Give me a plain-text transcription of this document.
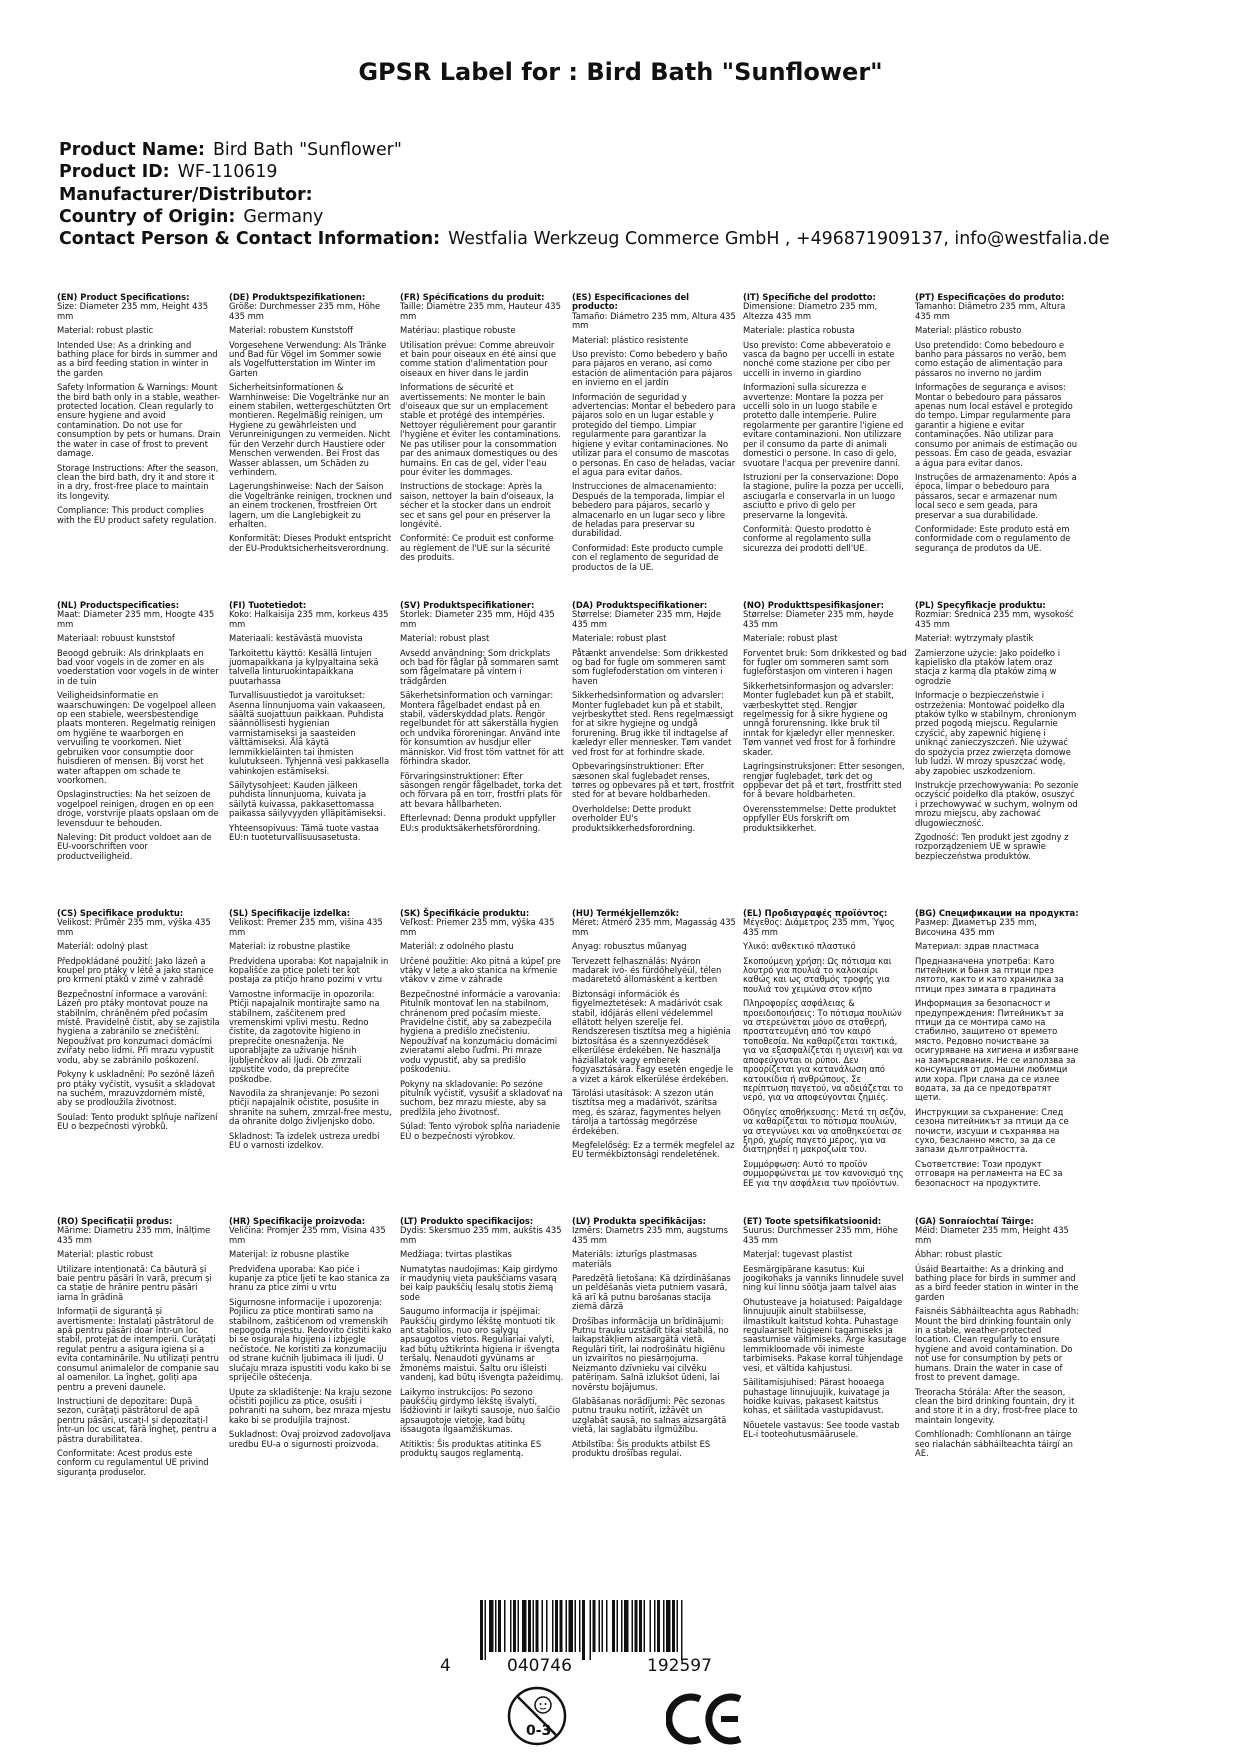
GPSR Label for : Bird Bath "Sunflower"
Product Name: Bird Bath "Sunflower"
Product ID: WF-110619
Manufacturer/Distributor:
Country of Origin: Germany
Contact Person & Contact Information: Westfalia Werkzeug Commerce GmbH , +496871909137, info@westfalia.de
(EN) Product Specifications:

Size: Diameter 235 mm, Height 435 mm

Material: robust plastic

Intended Use: As a drinking and bathing place for birds in summer and as a bird feeding station in winter in the garden

Safety Information & Warnings: Mount the bird bath only in a stable, weather-protected location. Clean regularly to ensure hygiene and avoid contamination. Do not use for consumption by pets or humans. Drain the water in case of frost to prevent damage.

Storage Instructions: After the season, clean the bird bath, dry it and store it in a dry, frost-free place to maintain its longevity.

Compliance: This product complies with the EU product safety regulation.

(DE) Produktspezifikationen:

Größe: Durchmesser 235 mm, Höhe 435 mm

Material: robustem Kunststoff

Vorgesehene Verwendung: Als Tränke und Bad für Vögel im Sommer sowie als Vogelfutterstation im Winter im Garten

Sicherheitsinformationen & Warnhinweise: Die Vogeltränke nur an einem stabilen, wettergeschützten Ort montieren. Regelmäßig reinigen, um Hygiene zu gewährleisten und Verunreinigungen zu vermeiden. Nicht für den Verzehr durch Haustiere oder Menschen verwenden. Bei Frost das Wasser ablassen, um Schäden zu verhindern.

Lagerungshinweise: Nach der Saison die Vogeltränke reinigen, trocknen und an einem trockenen, frostfreien Ort lagern, um die Langlebigkeit zu erhalten.

Konformität: Dieses Produkt entspricht der EU-Produktsicherheitsverordnung.

(FR) Spécifications du produit:

Taille: Diamètre 235 mm, Hauteur 435 mm

Matériau: plastique robuste

Utilisation prévue: Comme abreuvoir et bain pour oiseaux en été ainsi que comme station d'alimentation pour oiseaux en hiver dans le jardin

Informations de sécurité et avertissements: Ne monter le bain d'oiseaux que sur un emplacement stable et protégé des intempéries. Nettoyer régulièrement pour garantir l'hygiène et éviter les contaminations. Ne pas utiliser pour la consommation par des animaux domestiques ou des humains. En cas de gel, vider l'eau pour éviter les dommages.

Instructions de stockage: Après la saison, nettoyer la bain d'oiseaux, la sécher et la stocker dans un endroit sec et sans gel pour en préserver la longévité.

Conformité: Ce produit est conforme au règlement de l'UE sur la sécurité des produits.

(ES) Especificaciones del producto:

Tamaño: Diámetro 235 mm, Altura 435 mm

Material: plástico resistente

Uso previsto: Como bebedero y baño para pájaros en verano, así como estación de alimentación para pájaros en invierno en el jardín

Información de seguridad y advertencias: Montar el bebedero para pájaros solo en un lugar estable y protegido del tiempo. Limpiar regularmente para garantizar la higiene y evitar contaminaciones. No utilizar para el consumo de mascotas o personas. En caso de heladas, vaciar el agua para evitar daños.

Instrucciones de almacenamiento: Después de la temporada, limpiar el bebedero para pájaros, secarlo y almacenarlo en un lugar seco y libre de heladas para preservar su durabilidad.

Conformidad: Este producto cumple con el reglamento de seguridad de productos de la UE.

(IT) Specifiche del prodotto:

Dimensione: Diametro 235 mm, Altezza 435 mm

Materiale: plastica robusta

Uso previsto: Come abbeveratoio e vasca da bagno per uccelli in estate nonché come stazione per cibo per uccelli in inverno in giardino

Informazioni sulla sicurezza e avvertenze: Montare la pozza per uccelli solo in un luogo stabile e protetto dalle intemperie. Pulire regolarmente per garantire l'igiene ed evitare contaminazioni. Non utilizzare per il consumo da parte di animali domestici o persone. In caso di gelo, svuotare l'acqua per prevenire danni.

Istruzioni per la conservazione: Dopo la stagione, pulire la pozza per uccelli, asciugarla e conservarla in un luogo asciutto e privo di gelo per preservarne la longevità.

Conformità: Questo prodotto è conforme al regolamento sulla sicurezza dei prodotti dell'UE.

(PT) Especificações do produto:

Tamanho: Diâmetro 235 mm, Altura 435 mm

Material: plástico robusto

Uso pretendido: Como bebedouro e banho para pássaros no verão, bem como estação de alimentação para pássaros no inverno no jardim

Informações de segurança e avisos: Montar o bebedouro para pássaros apenas num local estável e protegido do tempo. Limpar regularmente para garantir a higiene e evitar contaminações. Não utilizar para consumo por animais de estimação ou pessoas. Em caso de geada, esvaziar a água para evitar danos.

Instruções de armazenamento: Após a época, limpar o bebedouro para pássaros, secar e armazenar num local seco e sem geada, para preservar a sua durabilidade.

Conformidade: Este produto está em conformidade com o regulamento de segurança de produtos da UE.

(NL) Productspecificaties:

Maat: Diameter 235 mm, Hoogte 435 mm

Materiaal: robuust kunststof

Beoogd gebruik: Als drinkplaats en bad voor vogels in de zomer en als voederstation voor vogels in de winter in de tuin

Veiligheidsinformatie en waarschuwingen: De vogelpoel alleen op een stabiele, weersbestendige plaats monteren. Regelmatig reinigen om hygiëne te waarborgen en vervuiling te voorkomen. Niet gebruiken voor consumptie door huisdieren of mensen. Bij vorst het water aftappen om schade te voorkomen.

Opslaginstructies: Na het seizoen de vogelpoel reinigen, drogen en op een droge, vorstvrije plaats opslaan om de levensduur te behouden.

Naleving: Dit product voldoet aan de EU-voorschriften voor productveiligheid.

(FI) Tuotetiedot:

Koko: Halkaisija 235 mm, korkeus 435 mm

Materiaali: kestävästä muovista

Tarkoitettu käyttö: Kesällä lintujen juomapaikkana ja kylpyaltaina sekä talvella linturuokintapaikkana puutarhassa

Turvallisuustiedot ja varoitukset: Asenna linnunjuoma vain vakaaseen, säältä suojattuun paikkaan. Puhdista säännöllisesti hygienian varmistamiseksi ja saasteiden välttämiseksi. Älä käytä lemmikkieläinten tai ihmisten kulutukseen. Tyhjennä vesi pakkasella vahinkojen estämiseksi.

Säilytysohjeet: Kauden jälkeen puhdista linnunjuoma, kuivata ja säilytä kuivassa, pakkasettomassa paikassa säilyvyyden ylläpitämiseksi.

Yhteensopivuus: Tämä tuote vastaa EU:n tuoteturvallisuusasetusta.

(SV) Produktspecifikationer:

Storlek: Diameter 235 mm, Höjd 435 mm

Material: robust plast

Avsedd användning: Som drickplats och bad för fåglar på sommaren samt som fågelmatare på vintern i trädgården

Säkerhetsinformation och varningar: Montera fågelbadet endast på en stabil, väderskyddad plats. Rengör regelbundet för att säkerställa hygien och undvika föroreningar. Använd inte för konsumtion av husdjur eller människor. Vid frost töm vattnet för att förhindra skador.

Förvaringsinstruktioner: Efter säsongen rengör fågelbadet, torka det och förvara på en torr, frostfri plats för att bevara hållbarheten.

Efterlevnad: Denna produkt uppfyller EU:s produktsäkerhetsförordning.

(DA) Produktspecifikationer:

Størrelse: Diameter 235 mm, Højde 435 mm

Materiale: robust plast

Påtænkt anvendelse: Som drikkested og bad for fugle om sommeren samt som fuglefoderstation om vinteren i haven

Sikkerhedsinformation og advarsler: Monter fuglebadet kun på et stabilt, vejrbeskyttet sted. Rens regelmæssigt for at sikre hygiejne og undgå forurening. Brug ikke til indtagelse af kæledyr eller mennesker. Tøm vandet ved frost for at forhindre skade.

Opbevaringsinstruktioner: Efter sæsonen skal fuglebadet renses, tørres og opbevares på et tørt, frostfrit sted for at bevare holdbarheden.

Overholdelse: Dette produkt overholder EU's produktsikkerhedsforordning.

(NO) Produkttspesifikasjoner:

Størrelse: Diameter 235 mm, høyde 435 mm

Materiale: robust plast

Forventet bruk: Som drikkested og bad for fugler om sommeren samt som fuglefôrstasjon om vinteren i hagen

Sikkerhetsinformasjon og advarsler: Monter fuglebadet kun på et stabilt, værbeskyttet sted. Rengjør regelmessig for å sikre hygiene og unngå forurensning. Ikke bruk til inntak for kjæledyr eller mennesker. Tøm vannet ved frost for å forhindre skader.

Lagringsinstruksjoner: Etter sesongen, rengjør fuglebadet, tørk det og oppbevar det på et tørt, frostfritt sted for å bevare holdbarheten.

Overensstemmelse: Dette produktet oppfyller EUs forskrift om produktsikkerhet.

(PL) Specyfikacje produktu:

Rozmiar: Średnica 235 mm, wysokość 435 mm

Materiał: wytrzymały plastik

Zamierzone użycie: Jako poidełko i kąpielisko dla ptaków latem oraz stacja z karmą dla ptaków zimą w ogrodzie

Informacje o bezpieczeństwie i ostrzeżenia: Montować poidełko dla ptaków tylko w stabilnym, chronionym przed pogodą miejscu. Regularnie czyścić, aby zapewnić higienę i uniknąć zanieczyszczeń. Nie używać do spożycia przez zwierzęta domowe lub ludzi. W mrozy spuszczać wodę, aby zapobiec uszkodzeniom.

Instrukcje przechowywania: Po sezonie oczyścić poidełko dla ptaków, osuszyć i przechowywać w suchym, wolnym od mrozu miejscu, aby zachować długowieczność.

Zgodność: Ten produkt jest zgodny z rozporządzeniem UE w sprawie bezpieczeństwa produktów.

(CS) Specifikace produktu:

Velikost: Průměr 235 mm, výška 435 mm

Materiál: odolný plast

Předpokládané použití: Jako lázeň a koupel pro ptáky v létě a jako stanice pro krmení ptáků v zimě v zahradě

Bezpečnostní informace a varování: Lázeň pro ptáky montovat pouze na stabilním, chráněném před počasím místě. Pravidelně čistit, aby se zajistila hygiena a zabránilo se znečištění. Nepoužívat pro konzumaci domácími zvířaty nebo lidmi. Při mrazu vypustit vodu, aby se zabránilo poškození.

Pokyny k uskladnění: Po sezóně lázeň pro ptáky vyčistit, vysušit a skladovat na suchém, mrazuvzdorném místě, aby se prodloužila životnost.

Soulad: Tento produkt splňuje nařízení EU o bezpečnosti výrobků.

(SL) Specifikacije izdelka:

Velikost: Premer 235 mm, višina 435 mm

Material: iz robustne plastike

Predvidena uporaba: Kot napajalnik in kopališče za ptice poleti ter kot postaja za ptičjo hrano pozimi v vrtu

Varnostne informacije in opozorila: Ptičji napajalnik montirajte samo na stabilnem, zaščitenem pred vremenskimi vplivi mestu. Redno čistite, da zagotovite higieno in preprečite onesnaženja. Ne uporabljajte za uživanje hišnih ljubljenčkov ali ljudi. Ob zmrzali izpustite vodo, da preprečite poškodbe.

Navodila za shranjevanje: Po sezoni ptičji napajalnik očistite, posušite in shranite na suhem, zmrzal-free mestu, da ohranite dolgo življenjsko dobo.

Skladnost: Ta izdelek ustreza uredbi EU o varnosti izdelkov.

(SK) Špecifikácie produktu:

Veľkosť: Priemer 235 mm, výška 435 mm

Materiál: z odolného plastu

Určené použitie: Ako pitná a kúpeľ pre vtáky v lete a ako stanica na kŕmenie vtákov v zime v záhrade

Bezpečnostné informácie a varovania: Pitulník montovať len na stabilnom, chránenom pred počasím mieste. Pravidelne čistiť, aby sa zabezpečila hygiena a predišlo znečisteniu. Nepoužívať na konzumáciu domácimi zvieratami alebo ľuďmi. Pri mraze vodu vypustiť, aby sa predišlo poškodeniu.

Pokyny na skladovanie: Po sezóne pitulník vyčistiť, vysušiť a skladovať na suchom, bez mrazu mieste, aby sa predĺžila jeho životnosť.

Súlad: Tento výrobok spĺňa nariadenie EÚ o bezpečnosti výrobkov.

(HU) Termékjellemzők:

Méret: Átmérő 235 mm, Magasság 435 mm

Anyag: robusztus műanyag

Tervezett felhasználás: Nyáron madarak ivó- és fürdőhelyéül, télen madáretető állomásként a kertben

Biztonsági információk és figyelmeztetések: A madárivót csak stabil, időjárás elleni védelemmel ellátott helyen szerelje fel. Rendszeresen tisztítsa meg a higiénia biztosítása és a szennyeződések elkerülése érdekében. Ne használja háziállatok vagy emberek fogyasztására. Fagy esetén engedje le a vizet a károk elkerülése érdekében.

Tárolási utasítások: A szezon után tisztítsa meg a madárivót, szárítsa meg, és száraz, fagymentes helyen tárolja a tartósság megőrzése érdekében.

Megfelelőség: Ez a termék megfelel az EU termékbiztonsági rendeletének.

(EL) Προδιαγραφές προϊόντος:

Μέγεθος: Διάμετρος 235 mm, Ύψος 435 mm

Υλικό: ανθεκτικό πλαστικό

Σκοπούμενη χρήση: Ως πότισμα και λουτρό για πουλιά το καλοκαίρι καθώς και ως σταθμός τροφής για πουλιά τον χειμώνα στον κήπο

Πληροφορίες ασφάλειας & προειδοποιήσεις: Το πότισμα πουλιών να στερεώνεται μόνο σε σταθερή, προστατευμένη από τον καιρό τοποθεσία. Να καθαρίζεται τακτικά, για να εξασφαλίζεται η υγιεινή και να αποφεύγονται οι ρύποι. Δεν προορίζεται για κατανάλωση από κατοικίδια ή ανθρώπους. Σε περίπτωση παγετού, να αδειάζεται το νερό, για να αποφεύγονται ζημιές.

Οδηγίες αποθήκευσης: Μετά τη σεζόν, να καθαρίζεται το πότισμα πουλιών, να στεγνώνει και να αποθηκεύεται σε ξηρό, χωρίς παγετό μέρος, για να διατηρηθεί η μακροζωία του.

Συμμόρφωση: Αυτό το προϊόν συμμορφώνεται με τον κανονισμό της ΕΕ για την ασφάλεια των προϊόντων.

(BG) Спецификации на продукта:

Размер: Диаметър 235 mm, Височина 435 mm

Материал: здрав пластмаса

Предназначена употреба: Като питейник и баня за птици през лятото, както и като хранилка за птици през зимата в градината

Информация за безопасност и предупреждения: Питейникът за птици да се монтира само на стабилно, защитено от времето място. Редовно почистване за осигуряване на хигиена и избягване на замърсявания. Не се използва за консумация от домашни любимци или хора. При слана да се излее водата, за да се предотвратят щети.

Инструкции за съхранение: След сезона питейникът за птици да се почисти, изсуши и съхранява на сухо, безсланно място, за да се запази дълготрайността.

Съответствие: Този продукт отговаря на регламента на ЕС за безопасност на продуктите.

(RO) Specificații produs:

Mărime: Diametru 235 mm, Înălțime 435 mm

Material: plastic robust

Utilizare intenționată: Ca băutură și baie pentru păsări în vară, precum și ca stație de hrănire pentru păsări iarna în grădină

Informații de siguranță și avertismente: Instalați păstrătorul de apă pentru păsări doar într-un loc stabil, protejat de intemperii. Curățați regulat pentru a asigura igiena și a evita contaminările. Nu utilizați pentru consumul animalelor de companie sau al oamenilor. La îngheț, goliți apa pentru a preveni daunele.

Instrucțiuni de depozitare: După sezon, curățați păstrătorul de apă pentru păsări, uscați-l și depozitați-l într-un loc uscat, fără îngheț, pentru a păstra durabilitatea.

Conformitate: Acest produs este conform cu regulamentul UE privind siguranța produselor.

(HR) Specifikacije proizvoda:

Veličina: Promjer 235 mm, Visina 435 mm

Materijal: iz robusne plastike

Predviđena uporaba: Kao piće i kupanje za ptice ljeti te kao stanica za hranu za ptice zimi u vrtu

Sigurnosne informacije i upozorenja: Pojilicu za ptice montirati samo na stabilnom, zaštićenom od vremenskih nepogoda mjestu. Redovito čistiti kako bi se osigurala higijena i izbjegle nečistoće. Ne koristiti za konzumaciju od strane kućnih ljubimaca ili ljudi. U slučaju mraza ispustiti vodu kako bi se spriječile oštećenja.

Upute za skladištenje: Na kraju sezone očistiti pojilicu za ptice, osušiti i pohraniti na suhom, bez mraza mjestu kako bi se produljila trajnost.

Sukladnost: Ovaj proizvod zadovoljava uredbu EU-a o sigurnosti proizvoda.

(LT) Produkto specifikacijos:

Dydis: Skersmuo 235 mm, aukštis 435 mm

Medžiaga: tvirtas plastikas

Numatytas naudojimas: Kaip girdymo ir maudynių vieta paukščiams vasarą bei kaip paukščių lesalų stotis žiemą sode

Saugumo informacija ir įspėjimai: Paukščių girdymo lėkštę montuoti tik ant stabilios, nuo oro sąlygų apsaugotos vietos. Reguliariai valyti, kad būtų užtikrinta higiena ir išvengta teršalų. Nenaudoti gyvūnams ar žmonėms maistui. Šaltu oru išleisti vandenį, kad būtų išvengta pažeidimų.

Laikymo instrukcijos: Po sezono paukščių girdymo lėkštę išvalyti, išdžiovinti ir laikyti sausoje, nuo šalčio apsaugotoje vietoje, kad būtų išsaugota ilgaamžiškumas.

Atitiktis: Šis produktas atitinka ES produktų saugos reglamentą.

(LV) Produkta specifikācijas:

Izmērs: Diametrs 235 mm, augstums 435 mm

Materiāls: izturīgs plastmasas materiāls

Paredzētā lietošana: Kā dzirdināšanas un peldēšanās vieta putniem vasarā, kā arī kā putnu barošanas stacija ziemā dārzā

Drošības informācija un brīdinājumi: Putnu trauku uzstādīt tikai stabilā, no laikapstākļiem aizsargātā vietā. Regulāri tīrīt, lai nodrošinātu higiēnu un izvairītos no piesārņojuma. Neizmanto dzīvnieku vai cilvēku patēriņam. Salnā izlukšot ūdeni, lai novērstu bojājumus.

Glabāšanas norādījumi: Pēc sezonas putnu trauku notīrīt, izžāvēt un uzglabāt sausā, no salnas aizsargātā vietā, lai saglabātu ilgmūžību.

Atbilstība: Šis produkts atbilst ES produktu drošības regulai.

(ET) Toote spetsifikatsioonid:

Suurus: Durchmesser 235 mm, Höhe 435 mm

Materjal: tugevast plastist

Eesmärgipärane kasutus: Kui joogikohaks ja vanniks linnudele suvel ning kui linnu söötja jaam talvel aias

Ohutusteave ja hoiatused: Paigaldage linnujuujik ainult stabiilsesse, ilmastikult kaitstud kohta. Puhastage regulaarselt hügieeni tagamiseks ja saastumise vältimiseks. Ärge kasutage lemmikloomade või inimeste tarbimiseks. Pakase korral tühjendage vesi, et vältida kahjustusi.

Säilitamisjuhised: Pärast hooaega puhastage linnujuujik, kuivatage ja hoidke kuivas, pakasest kaitstus kohas, et säilitada vastupidavust.

Nõuetele vastavus: See toode vastab EL-i tooteohutusmäärusele.

(GA) Sonraíochtaí Táirge:

Méid: Diameter 235 mm, Height 435 mm

Ábhar: robust plastic

Úsáid Beartaithe: As a drinking and bathing place for birds in summer and as a bird feeder station in winter in the garden

Faisnéis Sábháilteachta agus Rabhadh: Mount the bird drinking fountain only in a stable, weather-protected location. Clean regularly to ensure hygiene and avoid contamination. Do not use for consumption by pets or humans. Drain the water in case of frost to prevent damage.

Treoracha Stórála: After the season, clean the bird drinking fountain, dry it and store it in a dry, frost-free place to maintain longevity.

Comhlíonadh: Comhlíonann an táirge seo rialachán sábháilteachta táirgí an AE.

4	040746	192597
0-3
